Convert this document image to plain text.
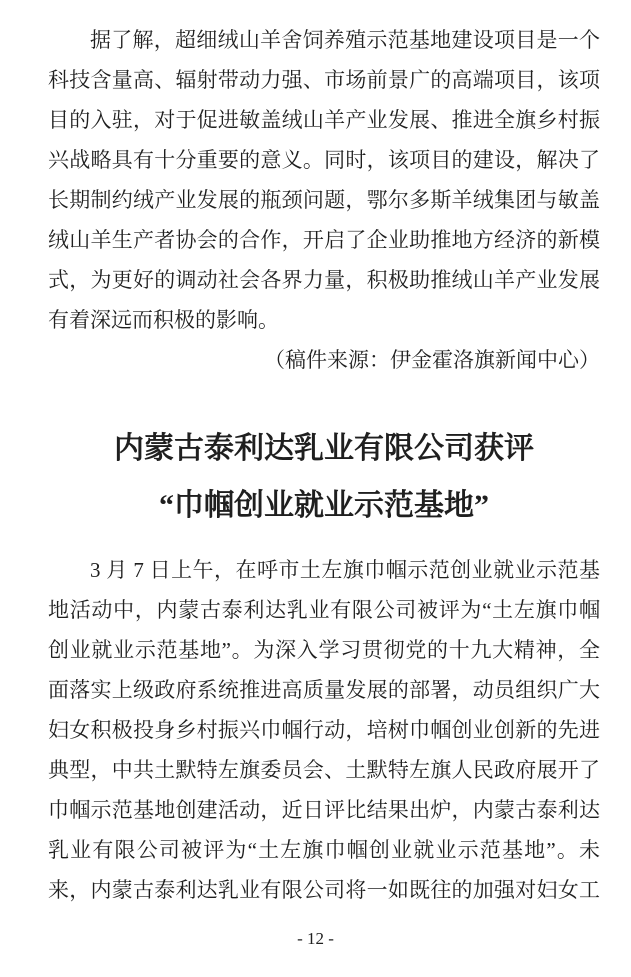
据了解，超细绒山羊舍饲养殖示范基地建设项目是一个
科技含量高、辐射带动力强、市场前景广的高端项目，该项
目的入驻，对于促进敏盖绒山羊产业发展、推进全旗乡村振
兴战略具有十分重要的意义。同时，该项目的建设，解决了
长期制约绒产业发展的瓶颈问题，鄂尔多斯羊绒集团与敏盖
绒山羊生产者协会的合作，开启了企业助推地方经济的新模
式，为更好的调动社会各界力量，积极助推绒山羊产业发展
有着深远而积极的影响。
（稿件来源：伊金霍洛旗新闻中心）
内蒙古泰利达乳业有限公司获评
“巾帼创业就业示范基地”
3 月 7 日上午，在呼市土左旗巾帼示范创业就业示范基
地活动中，内蒙古泰利达乳业有限公司被评为“土左旗巾帼
创业就业示范基地”。为深入学习贯彻党的十九大精神，全
面落实上级政府系统推进高质量发展的部署，动员组织广大
妇女积极投身乡村振兴巾帼行动，培树巾帼创业创新的先进
典型，中共土默特左旗委员会、土默特左旗人民政府展开了
巾帼示范基地创建活动，近日评比结果出炉，内蒙古泰利达
乳业有限公司被评为“土左旗巾帼创业就业示范基地”。未
来，内蒙古泰利达乳业有限公司将一如既往的加强对妇女工
- 12 -
